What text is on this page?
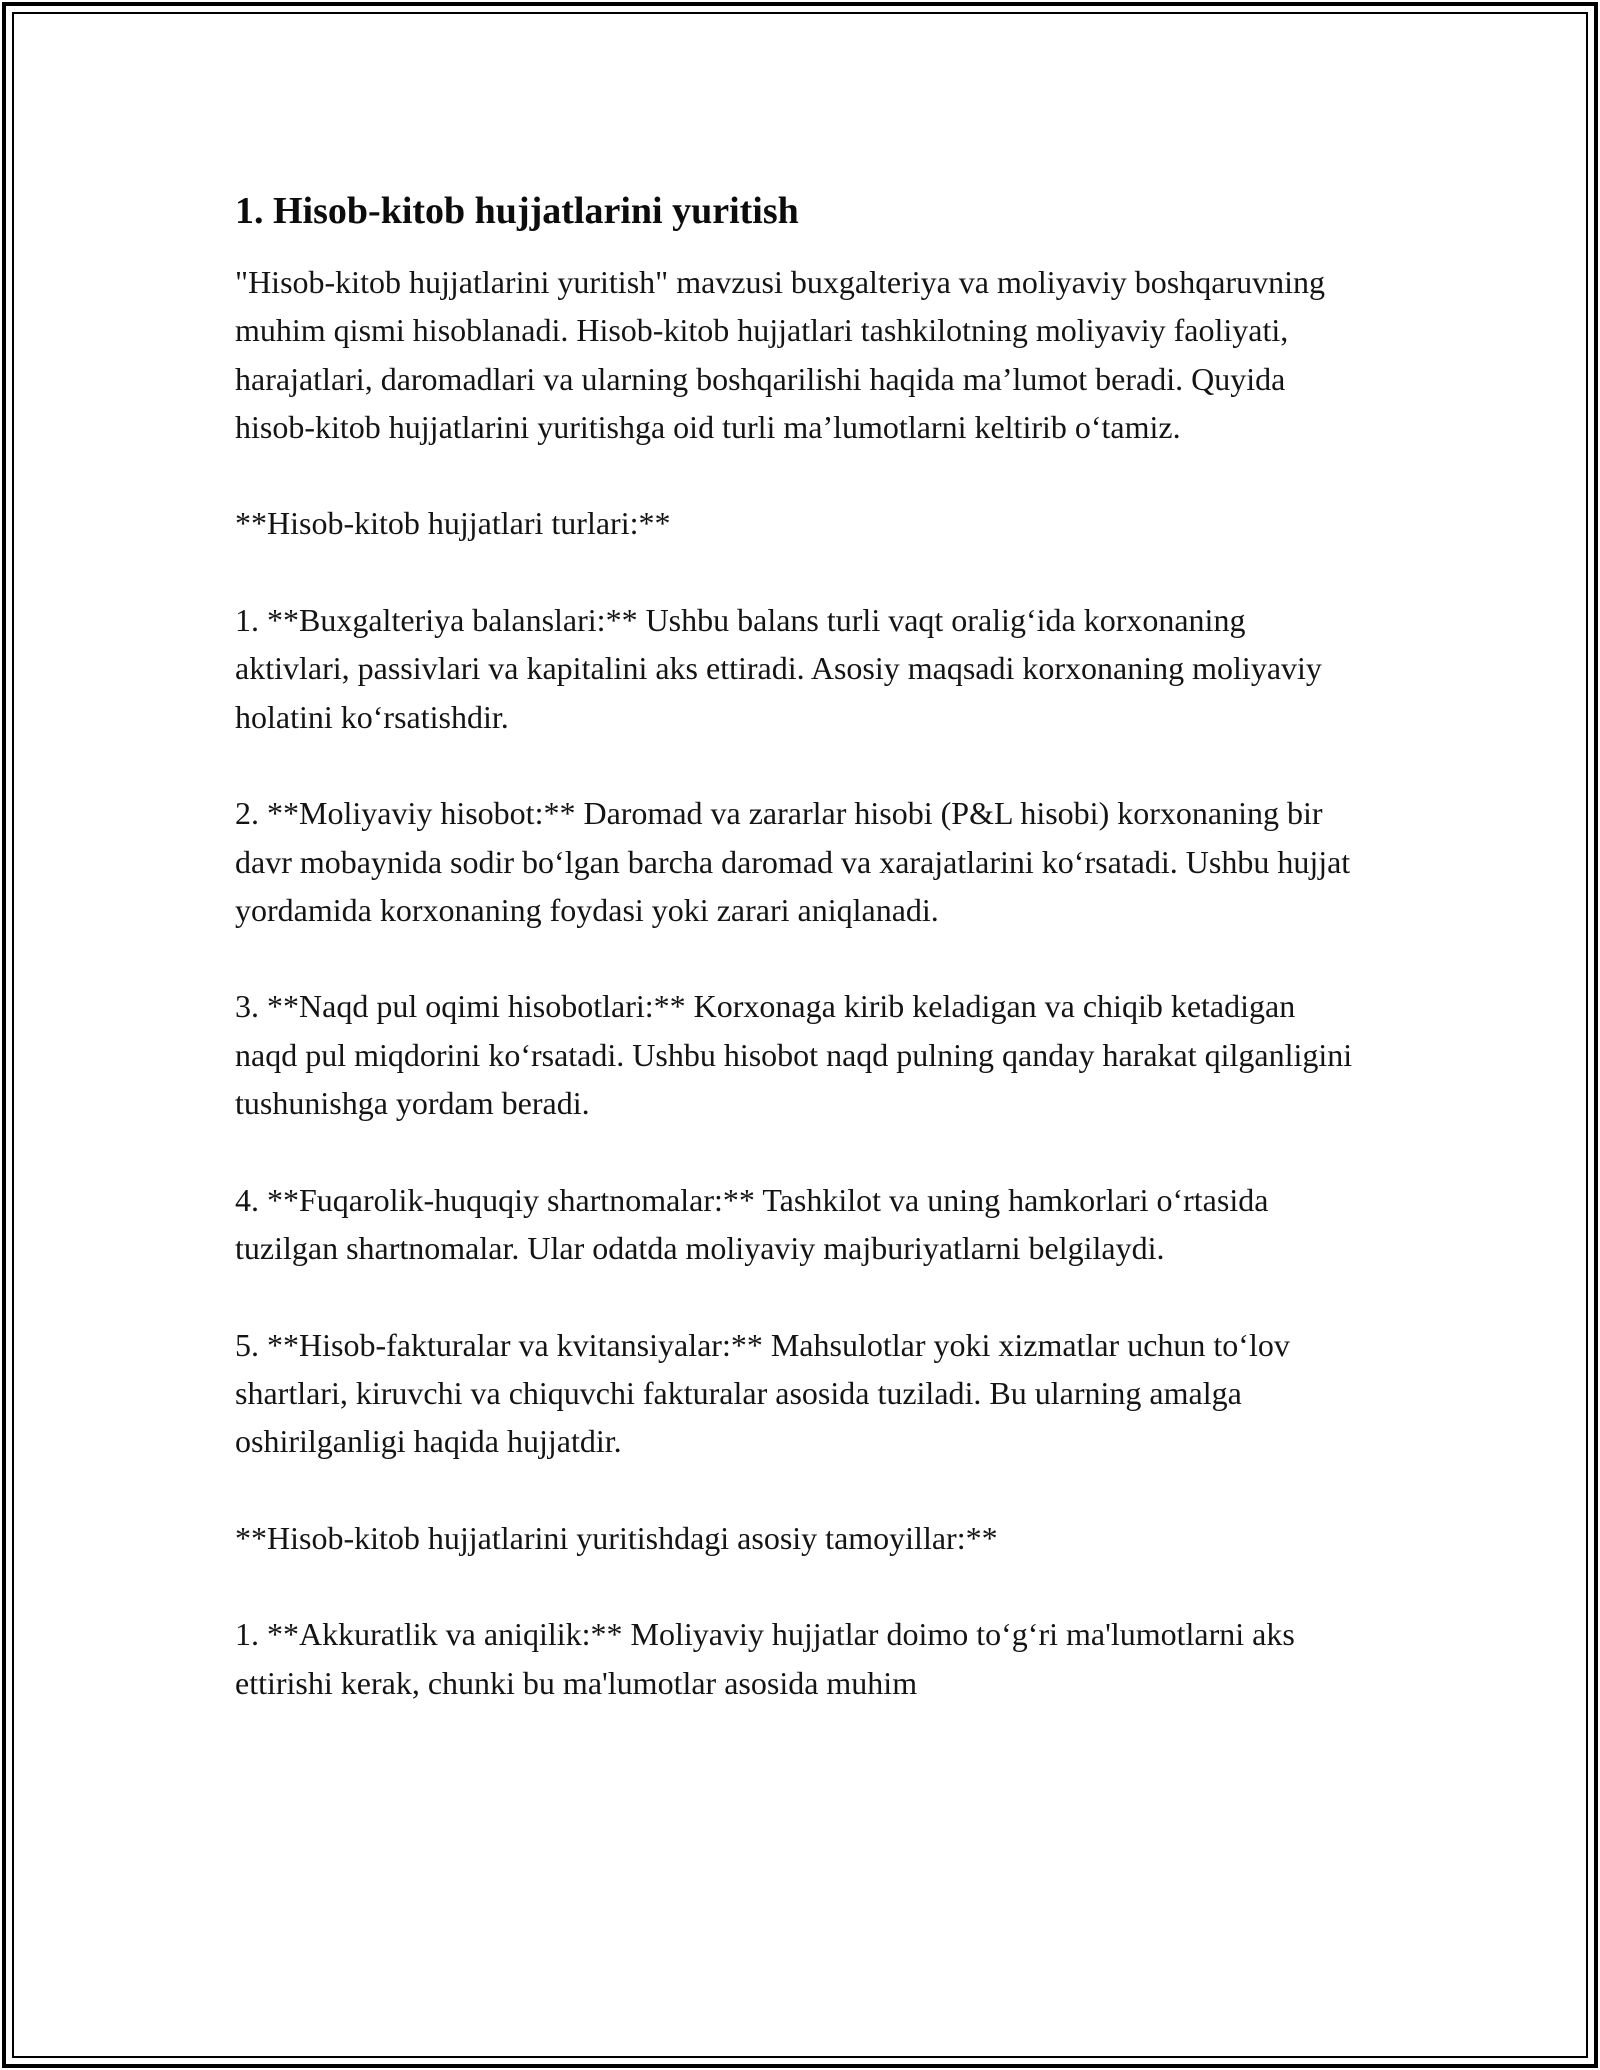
1. Hisob-kitob hujjatlarini yuritish
"Hisob-kitob hujjatlarini yuritish" mavzusi buxgalteriya va moliyaviy boshqaruvning muhim qismi hisoblanadi. Hisob-kitob hujjatlari tashkilotning moliyaviy faoliyati, harajatlari, daromadlari va ularning boshqarilishi haqida ma’lumot beradi. Quyida hisob-kitob hujjatlarini yuritishga oid turli ma’lumotlarni keltirib o‘tamiz.
**Hisob-kitob hujjatlari turlari:**
1. **Buxgalteriya balanslari:** Ushbu balans turli vaqt oralig‘ida korxonaning aktivlari, passivlari va kapitalini aks ettiradi. Asosiy maqsadi korxonaning moliyaviy holatini ko‘rsatishdir.
2. **Moliyaviy hisobot:** Daromad va zararlar hisobi (P&L hisobi) korxonaning bir davr mobaynida sodir bo‘lgan barcha daromad va xarajatlarini ko‘rsatadi. Ushbu hujjat yordamida korxonaning foydasi yoki zarari aniqlanadi.
3. **Naqd pul oqimi hisobotlari:** Korxonaga kirib keladigan va chiqib ketadigan naqd pul miqdorini ko‘rsatadi. Ushbu hisobot naqd pulning qanday harakat qilganligini tushunishga yordam beradi.
4. **Fuqarolik-huquqiy shartnomalar:** Tashkilot va uning hamkorlari o‘rtasida tuzilgan shartnomalar. Ular odatda moliyaviy majburiyatlarni belgilaydi.
5. **Hisob-fakturalar va kvitansiyalar:** Mahsulotlar yoki xizmatlar uchun to‘lov shartlari, kiruvchi va chiquvchi fakturalar asosida tuziladi. Bu ularning amalga oshirilganligi haqida hujjatdir.
**Hisob-kitob hujjatlarini yuritishdagi asosiy tamoyillar:**
1. **Akkuratlik va aniqilik:** Moliyaviy hujjatlar doimo to‘g‘ri ma'lumotlarni aks ettirishi kerak, chunki bu ma'lumotlar asosida muhim
